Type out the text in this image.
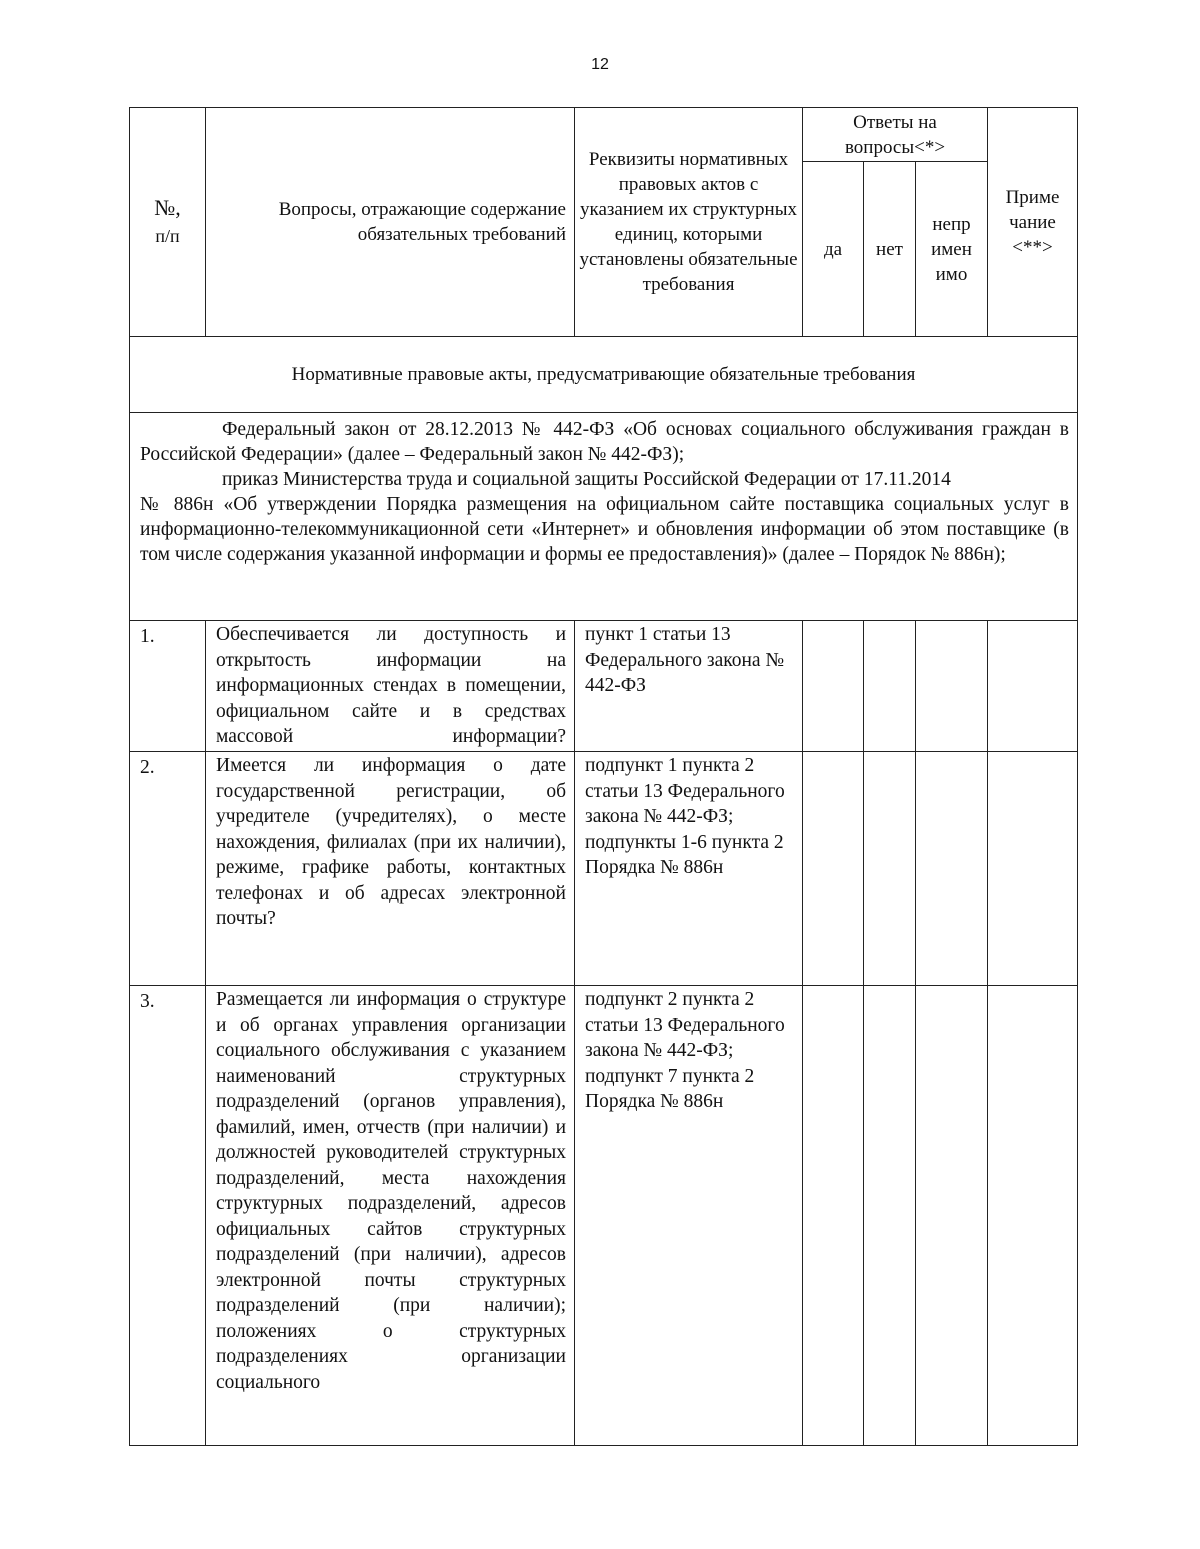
12
№,
п/п	Вопросы, отражающие содержание обязательных требований	Реквизиты нормативных правовых актов с указанием их структурных единиц, которыми установлены обязательные требования	Ответы на вопросы<*>			Приме чание <**>
			да	нет	непр имен имо	
Нормативные правовые акты, предусматривающие обязательные требования						

Федеральный закон от 28.12.2013 № 442-ФЗ «Об основах социального обслуживания граждан в Российской Федерации» (далее – Федеральный закон № 442-ФЗ);

приказ Министерства труда и социальной защиты Российской Федерации от 17.11.2014

№ 886н «Об утверждении Порядка размещения на официальном сайте поставщика социальных услуг в информационно-телекоммуникационной сети «Интернет» и обновления информации об этом поставщике (в том числе содержания указанной информации и формы ее предоставления)» (далее – Порядок № 886н);						

1.	Обеспечивается ли доступность и открытость информации на информационных стендах в помещении, официальном сайте и в средствах массовой информации?	пункт 1 статьи 13 Федерального закона № 442-ФЗ				
2.	Имеется ли информация о дате государственной регистрации, об учредителе (учредителях), о месте нахождения, филиалах (при их наличии), режиме, графике работы, контактных телефонах и об адресах электронной почты?	подпункт 1 пункта 2 статьи 13 Федерального закона № 442-ФЗ; подпункты 1-6 пункта 2 Порядка № 886н				
3.	Размещается ли информация о структуре и об органах управления организации социального обслуживания с указанием наименований структурных подразделений (органов управления), фамилий, имен, отчеств (при наличии) и должностей руководителей структурных подразделений, места нахождения структурных подразделений, адресов официальных сайтов структурных подразделений (при наличии), адресов электронной почты структурных подразделений (при наличии); положениях о структурных подразделениях организации социального	подпункт 2 пункта 2 статьи 13 Федерального закона № 442-ФЗ; подпункт 7 пункта 2 Порядка № 886н				
